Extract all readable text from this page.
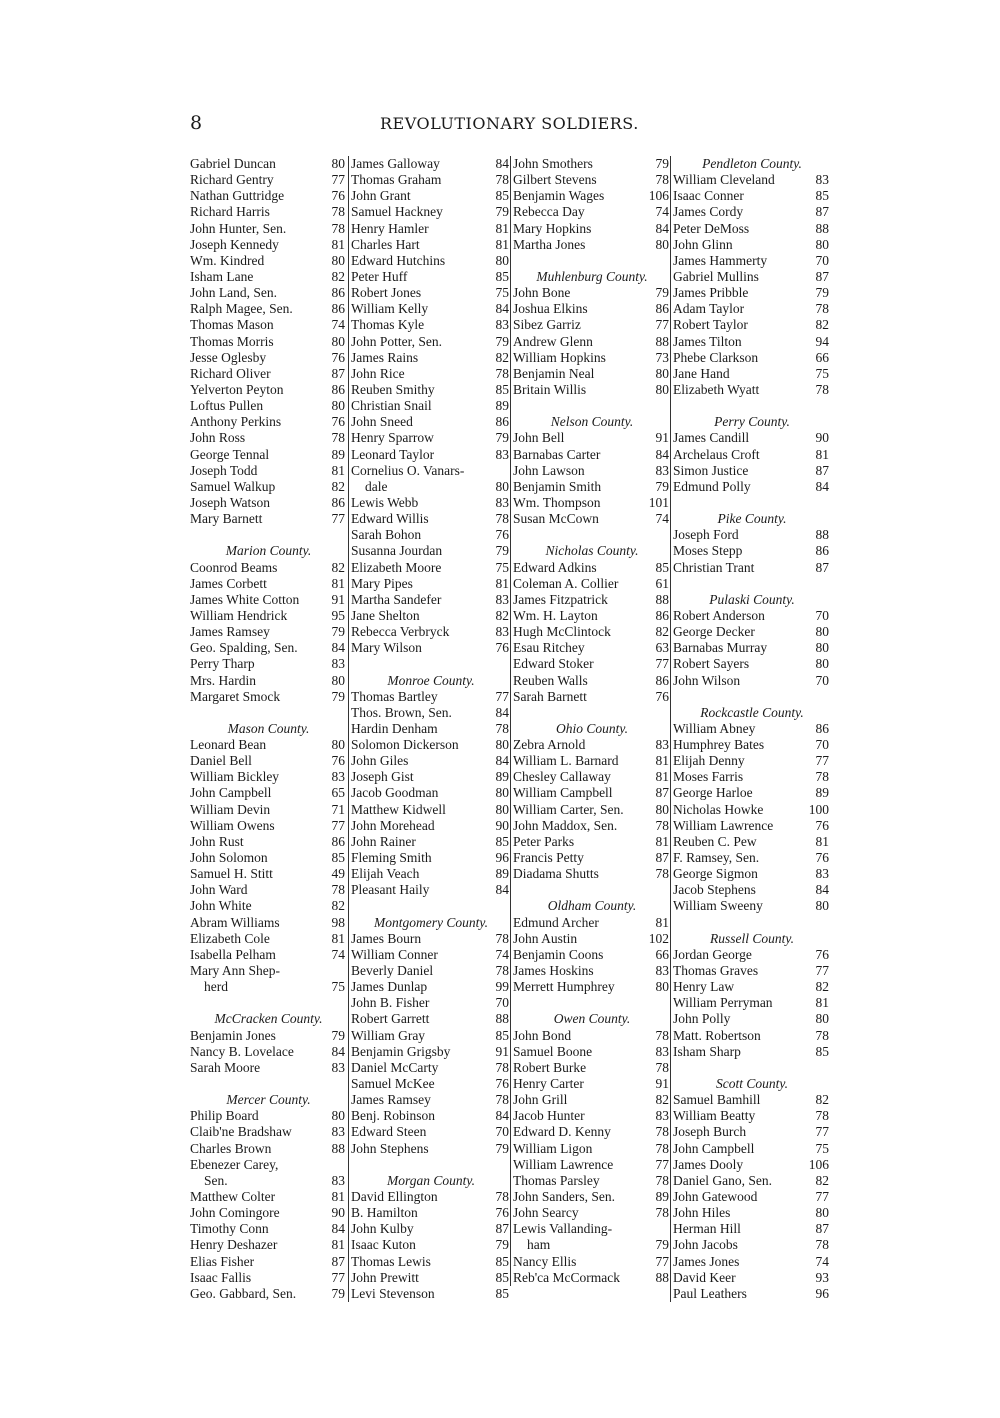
8	REVOLUTIONARY SOLDIERS.
Gabriel Duncan	80
Richard Gentry	77
Nathan Guttridge	76
Richard Harris	78
John Hunter, Sen.	78
Joseph Kennedy	81
Wm. Kindred	80
Isham Lane	82
John Land, Sen.	86
Ralph Magee, Sen.	86
Thomas Mason	74
Thomas Morris	80
Jesse Oglesby	76
Richard Oliver	87
Yelverton Peyton	86
Loftus Pullen	80
Anthony Perkins	76
John Ross	78
George Tennal	89
Joseph Todd	81
Samuel Walkup	82
Joseph Watson	86
Mary Barnett	77
Marion County.
Coonrod Beams	82
James Corbett	81
James White Cotton	91
William Hendrick	95
James Ramsey	79
Geo. Spalding, Sen.	84
Perry Tharp	83
Mrs. Hardin	80
Margaret Smock	79
Mason County.
Leonard Bean	80
Daniel Bell	76
William Bickley	83
John Campbell	65
William Devin	71
William Owens	77
John Rust	86
John Solomon	85
Samuel H. Stitt	49
John Ward	78
John White	82
Abram Williams	98
Elizabeth Cole	81
Isabella Pelham	74
Mary Ann Shep-
herd	75
McCracken County.
Benjamin Jones	79
Nancy B. Lovelace	84
Sarah Moore	83
Mercer County.
Philip Board	80
Claib'ne Bradshaw	83
Charles Brown	88
Ebenezer Carey,
Sen.	83
Matthew Colter	81
John Comingore	90
Timothy Conn	84
Henry Deshazer	81
Elias Fisher	87
Isaac Fallis	77
Geo. Gabbard, Sen.	79
James Galloway	84
Thomas Graham	78
John Grant	85
Samuel Hackney	79
Henry Hamler	81
Charles Hart	81
Edward Hutchins	80
Peter Huff	85
Robert Jones	75
William Kelly	84
Thomas Kyle	83
John Potter, Sen.	79
James Rains	82
John Rice	78
Reuben Smithy	85
Christian Snail	89
John Sneed	86
Henry Sparrow	79
Leonard Taylor	83
Cornelius O. Vanars-
dale	80
Lewis Webb	83
Edward Willis	78
Sarah Bohon	76
Susanna Jourdan	79
Elizabeth Moore	75
Mary Pipes	81
Martha Sandefer	83
Jane Shelton	82
Rebecca Verbryck	83
Mary Wilson	76
Monroe County.
Thomas Bartley	77
Thos. Brown, Sen.	84
Hardin Denham	78
Solomon Dickerson	80
John Giles	84
Joseph Gist	89
Jacob Goodman	80
Matthew Kidwell	80
John Morehead	90
John Rainer	85
Fleming Smith	96
Elijah Veach	89
Pleasant Haily	84
Montgomery County.
James Bourn	78
William Conner	74
Beverly Daniel	78
James Dunlap	99
John B. Fisher	70
Robert Garrett	88
William Gray	85
Benjamin Grigsby	91
Daniel McCarty	78
Samuel McKee	76
James Ramsey	78
Benj. Robinson	84
Edward Steen	70
John Stephens	79
Morgan County.
David Ellington	78
B. Hamilton	76
John Kulby	87
Isaac Kuton	79
Thomas Lewis	85
John Prewitt	85
Levi Stevenson	85
John Smothers	79
Gilbert Stevens	78
Benjamin Wages	106
Rebecca Day	74
Mary Hopkins	84
Martha Jones	80
Muhlenburg County.
John Bone	79
Joshua Elkins	86
Sibez Garriz	77
Andrew Glenn	88
William Hopkins	73
Benjamin Neal	80
Britain Willis	80
Nelson County.
John Bell	91
Barnabas Carter	84
John Lawson	83
Benjamin Smith	79
Wm. Thompson	101
Susan McCown	74
Nicholas County.
Edward Adkins	85
Coleman A. Collier	61
James Fitzpatrick	88
Wm. H. Layton	86
Hugh McClintock	82
Esau Ritchey	63
Edward Stoker	77
Reuben Walls	86
Sarah Barnett	76
Ohio County.
Zebra Arnold	83
William L. Barnard	81
Chesley Callaway	81
William Campbell	87
William Carter, Sen.	80
John Maddox, Sen.	78
Peter Parks	81
Francis Petty	87
Diadama Shutts	78
Oldham County.
Edmund Archer	81
John Austin	102
Benjamin Coons	66
James Hoskins	83
Merrett Humphrey	80
Owen County.
John Bond	78
Samuel Boone	83
Robert Burke	78
Henry Carter	91
John Grill	82
Jacob Hunter	83
Edward D. Kenny	78
William Ligon	78
William Lawrence	77
Thomas Parsley	78
John Sanders, Sen.	89
John Searcy	78
Lewis Vallanding-
ham	79
Nancy Ellis	77
Reb'ca McCormack	88
Pendleton County.
William Cleveland	83
Isaac Conner	85
James Cordy	87
Peter DeMoss	88
John Glinn	80
James Hammerty	70
Gabriel Mullins	87
James Pribble	79
Adam Taylor	78
Robert Taylor	82
James Tilton	94
Phebe Clarkson	66
Jane Hand	75
Elizabeth Wyatt	78
Perry County.
James Candill	90
Archelaus Croft	81
Simon Justice	87
Edmund Polly	84
Pike County.
Joseph Ford	88
Moses Stepp	86
Christian Trant	87
Pulaski County.
Robert Anderson	70
George Decker	80
Barnabas Murray	80
Robert Sayers	80
John Wilson	70
Rockcastle County.
William Abney	86
Humphrey Bates	70
Elijah Denny	77
Moses Farris	78
George Harloe	89
Nicholas Howke	100
William Lawrence	76
Reuben C. Pew	81
F. Ramsey, Sen.	76
George Sigmon	83
Jacob Stephens	84
William Sweeny	80
Russell County.
Jordan George	76
Thomas Graves	77
Henry Law	82
William Perryman	81
John Polly	80
Matt. Robertson	78
Isham Sharp	85
Scott County.
Samuel Bamhill	82
William Beatty	78
Joseph Burch	77
John Campbell	75
James Dooly	106
Daniel Gano, Sen.	82
John Gatewood	77
John Hiles	80
Herman Hill	87
John Jacobs	78
James Jones	74
David Keer	93
Paul Leathers	96
